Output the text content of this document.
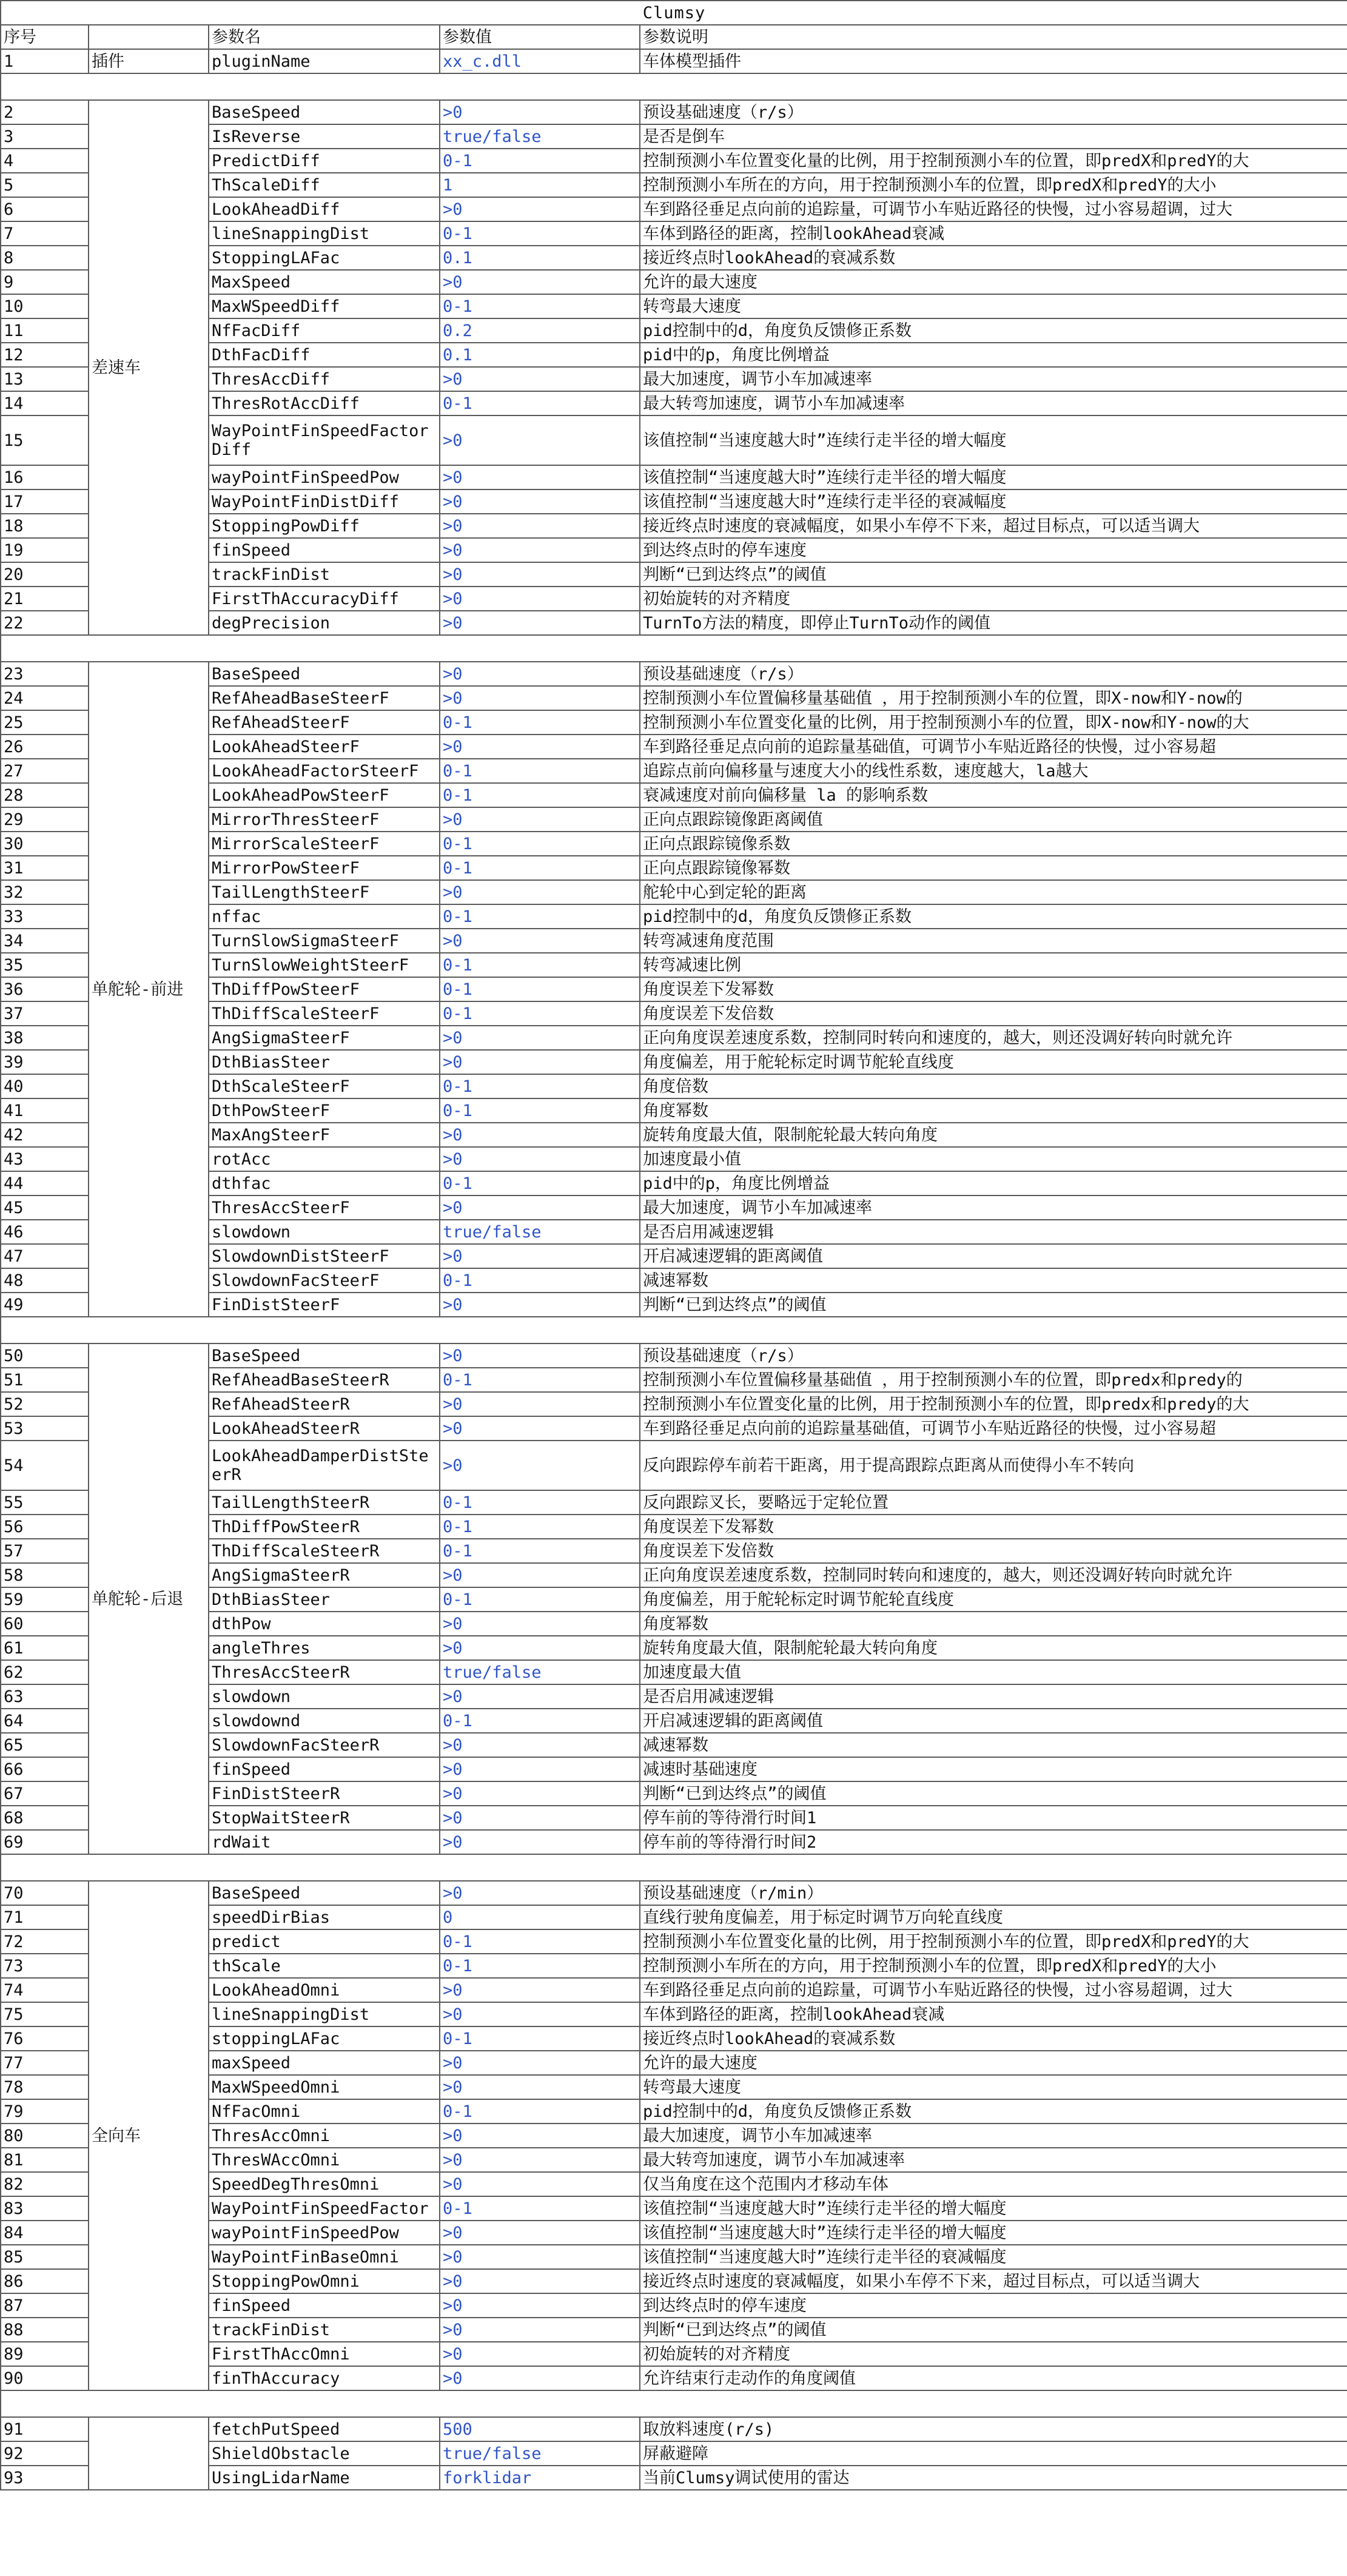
Clumsy				
序号		参数名	参数值	参数说明
1	插件	pluginName	xx_c.dll	车体模型插件

2	差速车	BaseSpeed	>0	预设基础速度（r/s）
3		IsReverse	true/false	是否是倒车
4		PredictDiff	0-1	控制预测小车位置变化量的比例，用于控制预测小车的位置，即predX和predY的大
5		ThScaleDiff	1	控制预测小车所在的方向，用于控制预测小车的位置，即predX和predY的大小
6		LookAheadDiff	>0	车到路径垂足点向前的追踪量，可调节小车贴近路径的快慢，过小容易超调，过大
7		lineSnappingDist	0-1	车体到路径的距离，控制lookAhead衰减
8		StoppingLAFac	0.1	接近终点时lookAhead的衰减系数
9		MaxSpeed	>0	允许的最大速度
10		MaxWSpeedDiff	0-1	转弯最大速度
11		NfFacDiff	0.2	pid控制中的d，角度负反馈修正系数
12		DthFacDiff	0.1	pid中的p，角度比例增益
13		ThresAccDiff	>0	最大加速度，调节小车加减速率
14		ThresRotAccDiff	0-1	最大转弯加速度，调节小车加减速率
15		WayPointFinSpeedFactorDiff	>0	该值控制“当速度越大时”连续行走半径的增大幅度
16		wayPointFinSpeedPow	>0	该值控制“当速度越大时”连续行走半径的增大幅度
17		WayPointFinDistDiff	>0	该值控制“当速度越大时”连续行走半径的衰减幅度
18		StoppingPowDiff	>0	接近终点时速度的衰减幅度，如果小车停不下来，超过目标点，可以适当调大
19		finSpeed	>0	到达终点时的停车速度
20		trackFinDist	>0	判断“已到达终点”的阈值
21		FirstThAccuracyDiff	>0	初始旋转的对齐精度
22		degPrecision	>0	TurnTo方法的精度，即停止TurnTo动作的阈值

23	单舵轮-前进	BaseSpeed	>0	预设基础速度（r/s）
24		RefAheadBaseSteerF	>0	控制预测小车位置偏移量基础值 ，用于控制预测小车的位置，即X-now和Y-now的
25		RefAheadSteerF	0-1	控制预测小车位置变化量的比例，用于控制预测小车的位置，即X-now和Y-now的大
26		LookAheadSteerF	>0	车到路径垂足点向前的追踪量基础值，可调节小车贴近路径的快慢，过小容易超
27		LookAheadFactorSteerF	0-1	追踪点前向偏移量与速度大小的线性系数，速度越大，la越大
28		LookAheadPowSteerF	0-1	衰减速度对前向偏移量 la 的影响系数
29		MirrorThresSteerF	>0	正向点跟踪镜像距离阈值
30		MirrorScaleSteerF	0-1	正向点跟踪镜像系数
31		MirrorPowSteerF	0-1	正向点跟踪镜像幂数
32		TailLengthSteerF	>0	舵轮中心到定轮的距离
33		nffac	0-1	pid控制中的d，角度负反馈修正系数
34		TurnSlowSigmaSteerF	>0	转弯减速角度范围
35		TurnSlowWeightSteerF	0-1	转弯减速比例
36		ThDiffPowSteerF	0-1	角度误差下发幂数
37		ThDiffScaleSteerF	0-1	角度误差下发倍数
38		AngSigmaSteerF	>0	正向角度误差速度系数，控制同时转向和速度的，越大，则还没调好转向时就允许
39		DthBiasSteer	>0	角度偏差，用于舵轮标定时调节舵轮直线度
40		DthScaleSteerF	0-1	角度倍数
41		DthPowSteerF	0-1	角度幂数
42		MaxAngSteerF	>0	旋转角度最大值，限制舵轮最大转向角度
43		rotAcc	>0	加速度最小值
44		dthfac	0-1	pid中的p，角度比例增益
45		ThresAccSteerF	>0	最大加速度，调节小车加减速率
46		slowdown	true/false	是否启用减速逻辑
47		SlowdownDistSteerF	>0	开启减速逻辑的距离阈值
48		SlowdownFacSteerF	0-1	减速幂数
49		FinDistSteerF	>0	判断“已到达终点”的阈值

50	单舵轮-后退	BaseSpeed	>0	预设基础速度（r/s）
51		RefAheadBaseSteerR	0-1	控制预测小车位置偏移量基础值 ，用于控制预测小车的位置，即predx和predy的
52		RefAheadSteerR	>0	控制预测小车位置变化量的比例，用于控制预测小车的位置，即predx和predy的大
53		LookAheadSteerR	>0	车到路径垂足点向前的追踪量基础值，可调节小车贴近路径的快慢，过小容易超
54		LookAheadDamperDistSteerR	>0	反向跟踪停车前若干距离，用于提高跟踪点距离从而使得小车不转向
55		TailLengthSteerR	0-1	反向跟踪叉长，要略远于定轮位置
56		ThDiffPowSteerR	0-1	角度误差下发幂数
57		ThDiffScaleSteerR	0-1	角度误差下发倍数
58		AngSigmaSteerR	>0	正向角度误差速度系数，控制同时转向和速度的，越大，则还没调好转向时就允许
59		DthBiasSteer	0-1	角度偏差，用于舵轮标定时调节舵轮直线度
60		dthPow	>0	角度幂数
61		angleThres	>0	旋转角度最大值，限制舵轮最大转向角度
62		ThresAccSteerR	true/false	加速度最大值
63		slowdown	>0	是否启用减速逻辑
64		slowdownd	0-1	开启减速逻辑的距离阈值
65		SlowdownFacSteerR	>0	减速幂数
66		finSpeed	>0	减速时基础速度
67		FinDistSteerR	>0	判断“已到达终点”的阈值
68		StopWaitSteerR	>0	停车前的等待滑行时间1
69		rdWait	>0	停车前的等待滑行时间2

70	全向车	BaseSpeed	>0	预设基础速度（r/min）
71		speedDirBias	0	直线行驶角度偏差，用于标定时调节万向轮直线度
72		predict	0-1	控制预测小车位置变化量的比例，用于控制预测小车的位置，即predX和predY的大
73		thScale	0-1	控制预测小车所在的方向，用于控制预测小车的位置，即predX和predY的大小
74		LookAheadOmni	>0	车到路径垂足点向前的追踪量，可调节小车贴近路径的快慢，过小容易超调，过大
75		lineSnappingDist	>0	车体到路径的距离，控制lookAhead衰减
76		stoppingLAFac	0-1	接近终点时lookAhead的衰减系数
77		maxSpeed	>0	允许的最大速度
78		MaxWSpeedOmni	>0	转弯最大速度
79		NfFacOmni	0-1	pid控制中的d，角度负反馈修正系数
80		ThresAccOmni	>0	最大加速度，调节小车加减速率
81		ThresWAccOmni	>0	最大转弯加速度，调节小车加减速率
82		SpeedDegThresOmni	>0	仅当角度在这个范围内才移动车体
83		WayPointFinSpeedFactor	0-1	该值控制“当速度越大时”连续行走半径的增大幅度
84		wayPointFinSpeedPow	>0	该值控制“当速度越大时”连续行走半径的增大幅度
85		WayPointFinBaseOmni	>0	该值控制“当速度越大时”连续行走半径的衰减幅度
86		StoppingPowOmni	>0	接近终点时速度的衰减幅度，如果小车停不下来，超过目标点，可以适当调大
87		finSpeed	>0	到达终点时的停车速度
88		trackFinDist	>0	判断“已到达终点”的阈值
89		FirstThAccOmni	>0	初始旋转的对齐精度
90		finThAccuracy	>0	允许结束行走动作的角度阈值

91		fetchPutSpeed	500	取放料速度(r/s)
92		ShieldObstacle	true/false	屏蔽避障
93		UsingLidarName	forklidar	当前Clumsy调试使用的雷达
